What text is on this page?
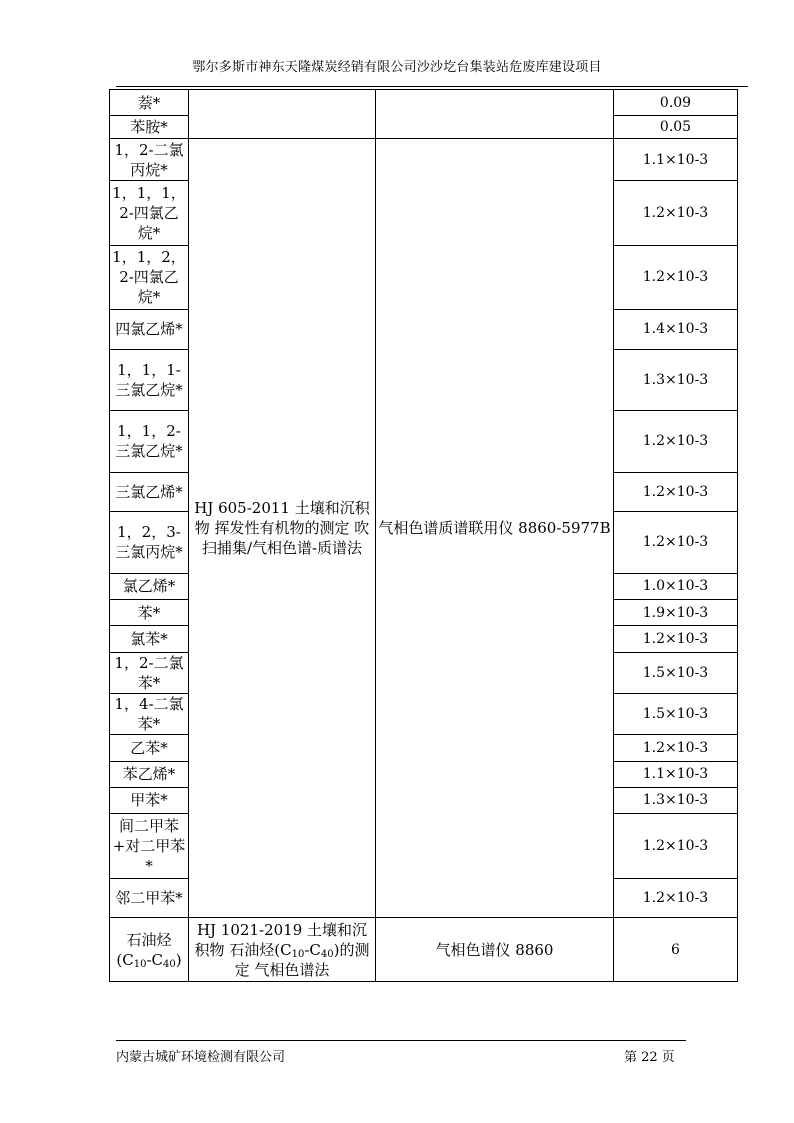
鄂尔多斯市神东天隆煤炭经销有限公司沙沙圪台集装站危废库建设项目
萘*			0.09	
苯胺*			0.05	
1，2-二氯丙烷*	HJ 605-2011 土壤和沉积物 挥发性有机物的测定 吹扫捕集/气相色谱-质谱法	气相色谱质谱联用仪 8860-5977B	1.1×10-3	
1，1，1，2-四氯乙烷*			1.2×10-3	
1，1，2，2-四氯乙烷*			1.2×10-3	
四氯乙烯*			1.4×10-3	
1，1，1-三氯乙烷*			1.3×10-3	
1，1，2-三氯乙烷*			1.2×10-3	
三氯乙烯*			1.2×10-3	
1，2，3-三氯丙烷*			1.2×10-3	
氯乙烯*			1.0×10-3	
苯*			1.9×10-3	
氯苯*			1.2×10-3	
1，2-二氯苯*			1.5×10-3	
1，4-二氯苯*			1.5×10-3	
乙苯*			1.2×10-3	
苯乙烯*			1.1×10-3	
甲苯*			1.3×10-3	
间二甲苯+对二甲苯*			1.2×10-3	
邻二甲苯*			1.2×10-3	
石油烃
$(C_{10}-C_{40})$	HJ 1021-2019 土壤和沉积物 石油烃$(C_{10}-C_{40})$的测定 气相色谱法	气相色谱仪 8860	6	
内蒙古城矿环境检测有限公司	第 22 页
